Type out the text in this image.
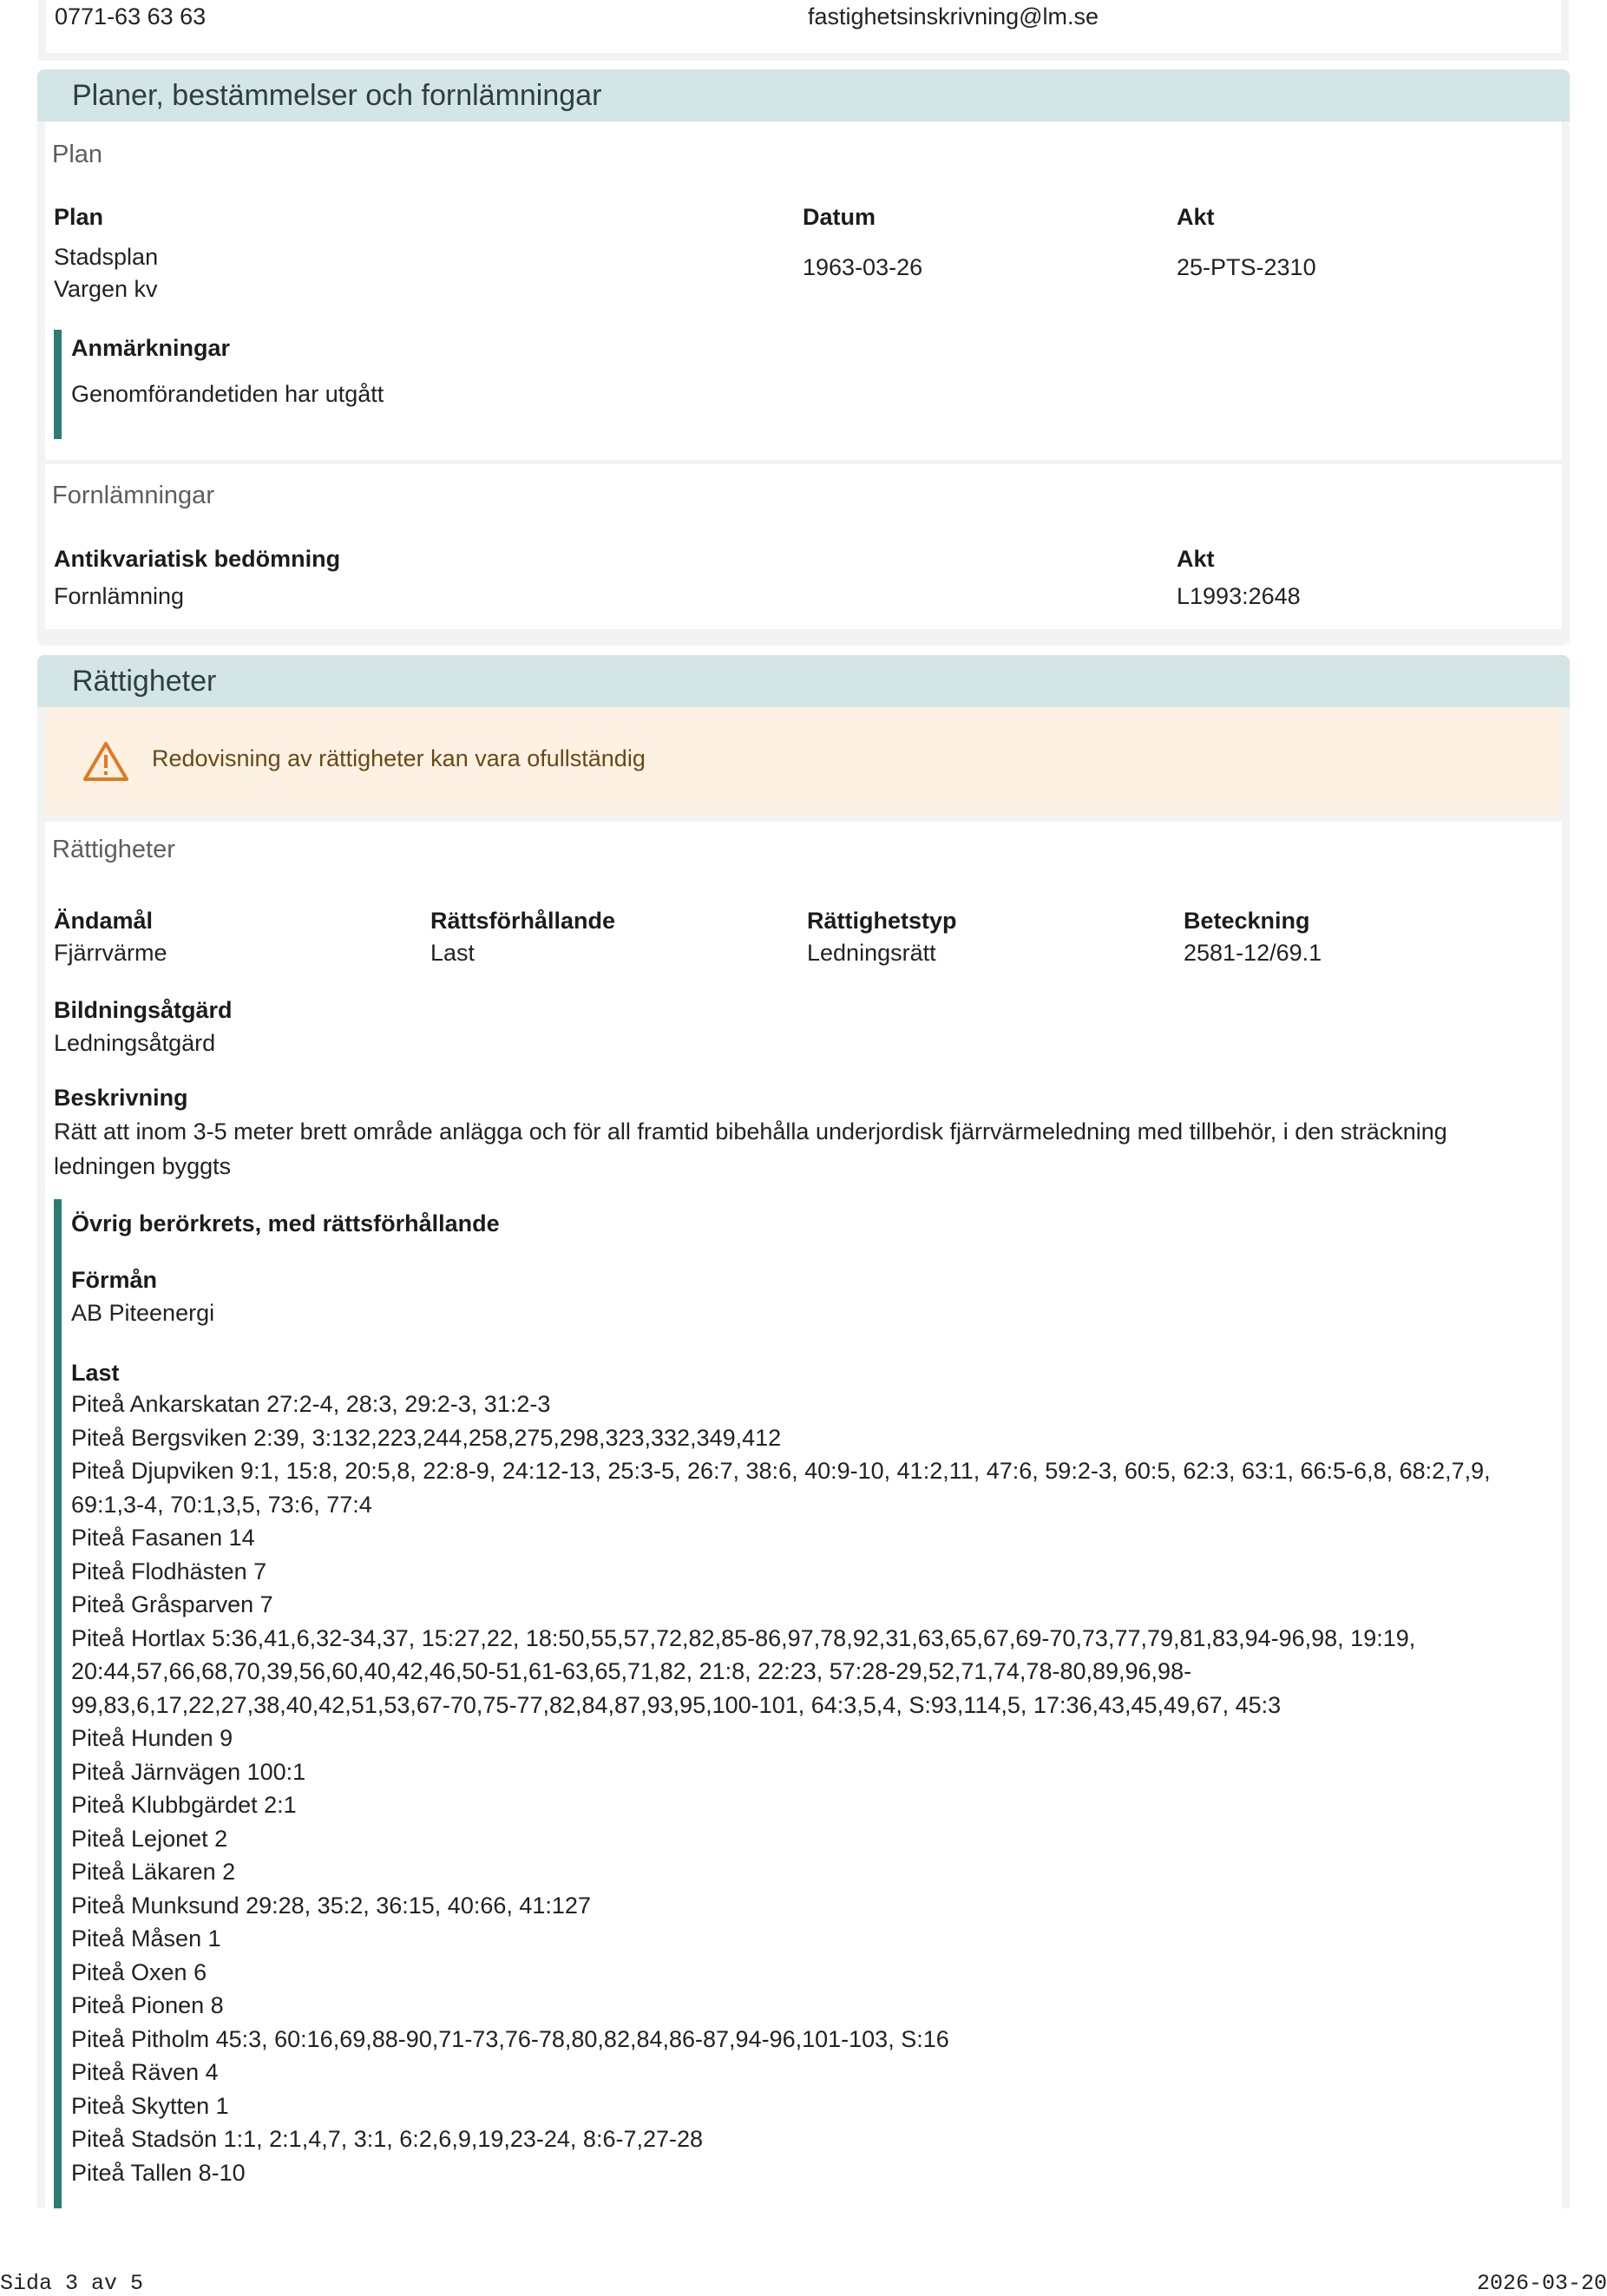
0771-63 63 63	fastighetsinskrivning@lm.se
Planer, bestämmelser och fornlämningar
Plan
Plan	Datum	Akt
Stadsplan
Vargen kv
1963-03-26	25-PTS-2310
Anmärkningar
Genomförandetiden har utgått
Fornlämningar
Antikvariatisk bedömning	Akt
Fornlämning	L1993:2648
Rättigheter
Redovisning av rättigheter kan vara ofullständig
Rättigheter
Ändamål	Rättsförhållande	Rättighetstyp	Beteckning
Fjärrvärme	Last	Ledningsrätt	2581-12/69.1
Bildningsåtgärd
Ledningsåtgärd
Beskrivning
Rätt att inom 3-5 meter brett område anlägga och för all framtid bibehålla underjordisk fjärrvärmeledning med tillbehör, i den sträckning ledningen byggts
Övrig berörkrets, med rättsförhållande
Förmån
AB Piteenergi
Last
Piteå Ankarskatan 27:2-4, 28:3, 29:2-3, 31:2-3
Piteå Bergsviken 2:39, 3:132,223,244,258,275,298,323,332,349,412
Piteå Djupviken 9:1, 15:8, 20:5,8, 22:8-9, 24:12-13, 25:3-5, 26:7, 38:6, 40:9-10, 41:2,11, 47:6, 59:2-3, 60:5, 62:3, 63:1, 66:5-6,8, 68:2,7,9, 69:1,3-4, 70:1,3,5, 73:6, 77:4
Piteå Fasanen 14
Piteå Flodhästen 7
Piteå Gråsparven 7
Piteå Hortlax 5:36,41,6,32-34,37, 15:27,22, 18:50,55,57,72,82,85-86,97,78,92,31,63,65,67,69-70,73,77,79,81,83,94-96,98, 19:19, 20:44,57,66,68,70,39,56,60,40,42,46,50-51,61-63,65,71,82, 21:8, 22:23, 57:28-29,52,71,74,78-80,89,96,98-99,83,6,17,22,27,38,40,42,51,53,67-70,75-77,82,84,87,93,95,100-101, 64:3,5,4, S:93,114,5, 17:36,43,45,49,67, 45:3
Piteå Hunden 9
Piteå Järnvägen 100:1
Piteå Klubbgärdet 2:1
Piteå Lejonet 2
Piteå Läkaren 2
Piteå Munksund 29:28, 35:2, 36:15, 40:66, 41:127
Piteå Måsen 1
Piteå Oxen 6
Piteå Pionen 8
Piteå Pitholm 45:3, 60:16,69,88-90,71-73,76-78,80,82,84,86-87,94-96,101-103, S:16
Piteå Räven 4
Piteå Skytten 1
Piteå Stadsön 1:1, 2:1,4,7, 3:1, 6:2,6,9,19,23-24, 8:6-7,27-28
Piteå Tallen 8-10
Sida 3 av 5	2026-03-20
